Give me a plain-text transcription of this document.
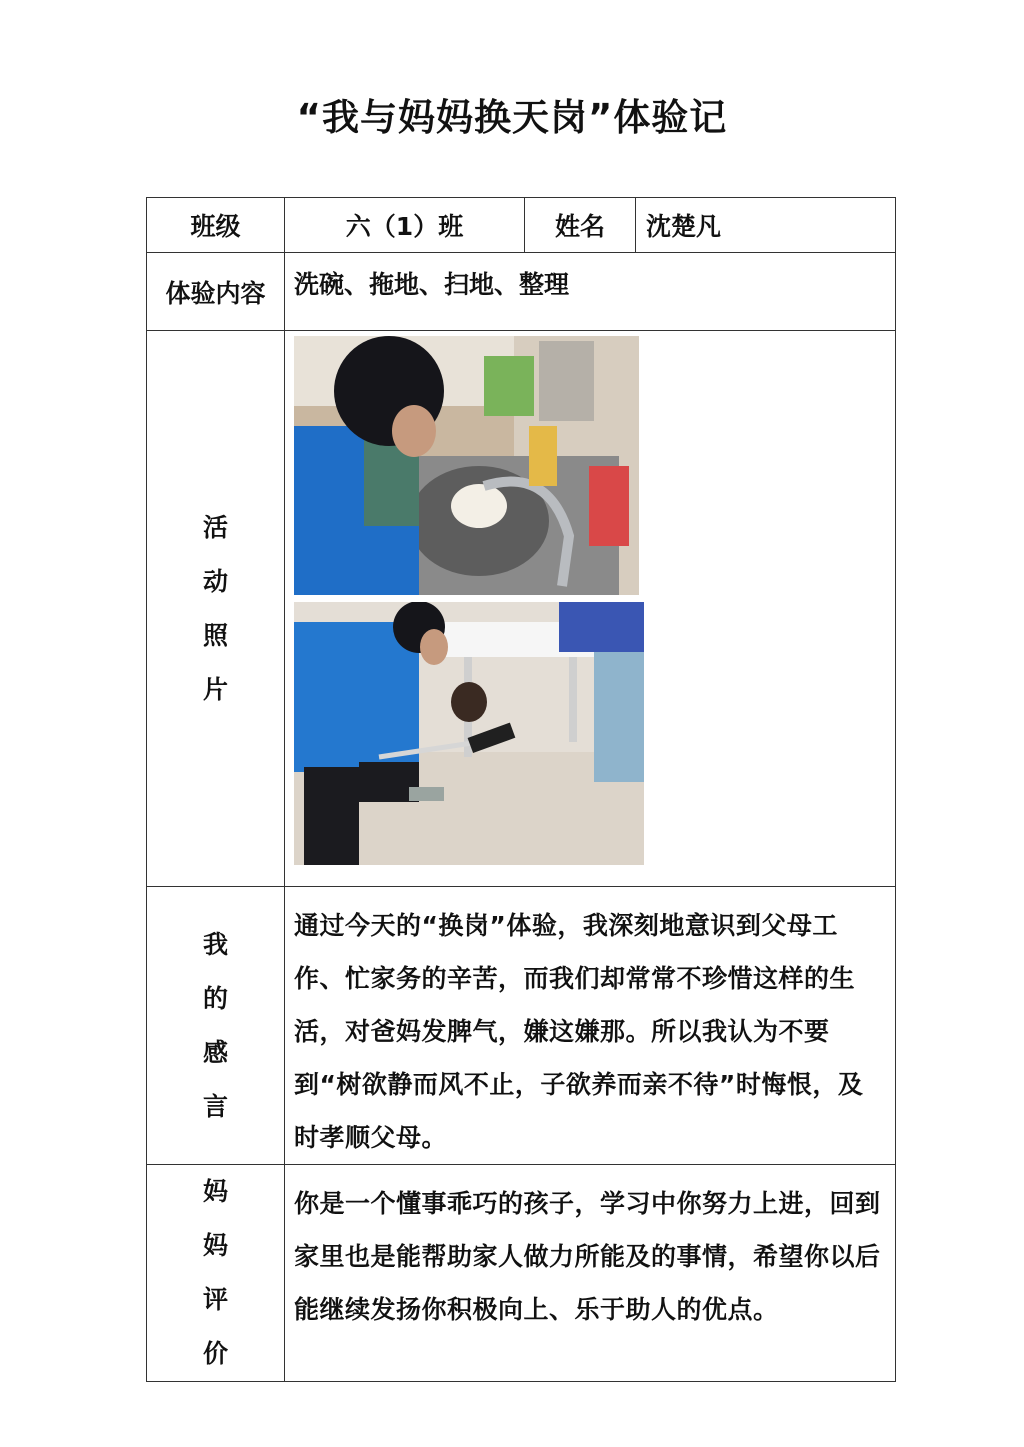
“我与妈妈换天岗”体验记
班级	六（1）班	姓名	沈楚凡
体验内容	洗碗、拖地、扫地、整理		

活
动
照
片

我
的
感
言	通过今天的“换岗”体验，我深刻地意识到父母工作、忙家务的辛苦，而我们却常常不珍惜这样的生活，对爸妈发脾气，嫌这嫌那。所以我认为不要到“树欲静而风不止，子欲养而亲不待”时悔恨，及时孝顺父母。		

妈
妈
评
价	你是一个懂事乖巧的孩子，学习中你努力上进，回到家里也是能帮助家人做力所能及的事情，希望你以后能继续发扬你积极向上、乐于助人的优点。		
